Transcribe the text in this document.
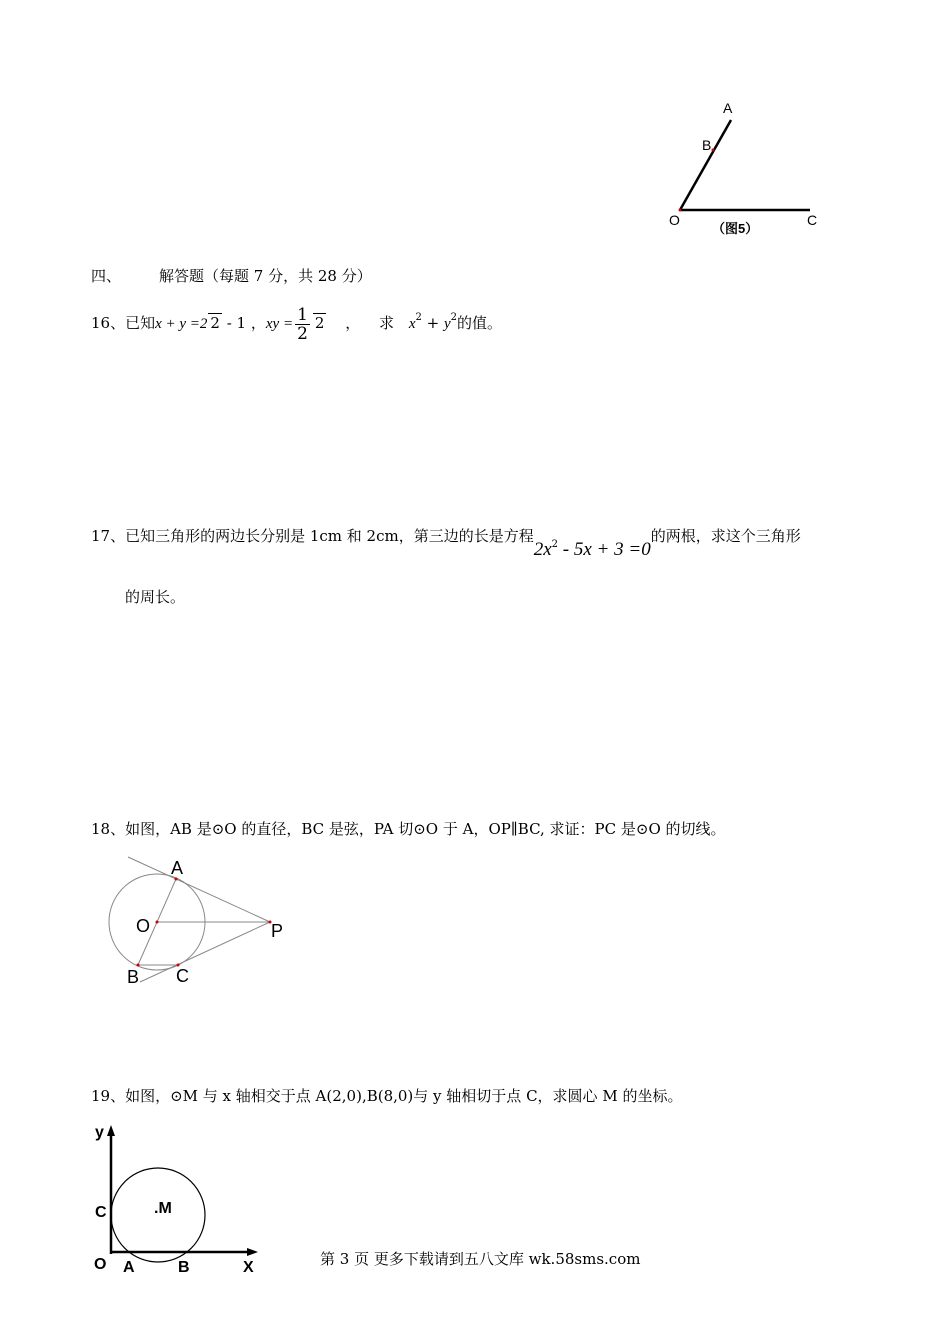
A
B
O	C
（图5）
四、	解答题（每题 7 分，共 28 分）
16、已知x + y =2 2 - 1 ，xy = $\frac{1}{2} 2$ ， 求 $x^2 + y^2$的值。
17、已知三角形的两边长分别是 1cm 和 2cm，第三边的长是方程$2x^2 - 5x + 3 =0$的两根，求这个三角形
的周长。
18、如图，AB 是⊙O 的直径，BC 是弦，PA 切⊙O 于 A，OP∥BC, 求证：PC 是⊙O 的切线。
A
O	P
B C
19、如图，⊙M 与 x 轴相交于点 A(2,0),B(8,0)与 y 轴相切于点 C，求圆心 M 的坐标。
y
C	.M
O A	B	X	第 3 页 更多下载请到五八文库 wk.58sms.com
